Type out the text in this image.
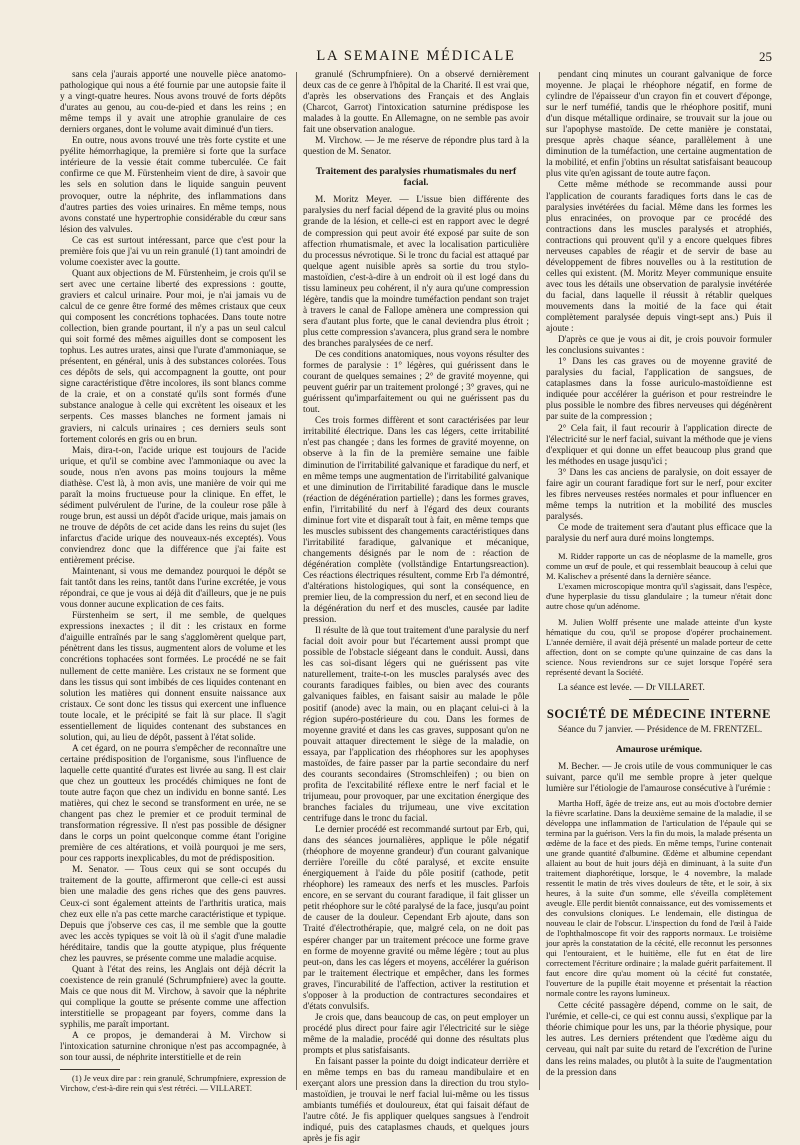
LA SEMAINE MÉDICALE	25

sans cela j'aurais apporté une nouvelle pièce anatomo-pathologique qui nous a été fournie par une autopsie faite il y a vingt-quatre heures. Nous avons trouvé de forts dépôts d'urates au genou, au cou-de-pied et dans les reins ; en même temps il y avait une atrophie granulaire de ces derniers organes, dont le volume avait diminué d'un tiers.

En outre, nous avons trouvé une très forte cystite et une pyélite hémorrhagique, la première si forte que la surface intérieure de la vessie était comme tuberculée. Ce fait confirme ce que M. Fürstenheim vient de dire, à savoir que les sels en solution dans le liquide sanguin peuvent provoquer, outre la néphrite, des inflammations dans d'autres parties des voies urinaires. En même temps, nous avons constaté une hypertrophie considérable du cœur sans lésion des valvules.

Ce cas est surtout intéressant, parce que c'est pour la première fois que j'ai vu un rein granulé (1) tant amoindri de volume coexister avec la goutte.

Quant aux objections de M. Fürstenheim, je crois qu'il se sert avec une certaine liberté des expressions : goutte, graviers et calcul urinaire. Pour moi, je n'ai jamais vu de calcul de ce genre être formé des mêmes cristaux que ceux qui composent les concrétions tophacées. Dans toute notre collection, bien grande pourtant, il n'y a pas un seul calcul qui soit formé des mêmes aiguilles dont se composent les tophus. Les autres urates, ainsi que l'urate d'ammoniaque, se présentent, en général, unis à des substances colorées. Tous ces dépôts de sels, qui accompagnent la goutte, ont pour signe caractéristique d'être incolores, ils sont blancs comme de la craie, et on a constaté qu'ils sont formés d'une substance analogue à celle qui excrètent les oiseaux et les serpents. Ces masses blanches ne forment jamais ni graviers, ni calculs urinaires ; ces derniers seuls sont fortement colorés en gris ou en brun.

Mais, dira-t-on, l'acide urique est toujours de l'acide urique, et qu'il se combine avec l'ammoniaque ou avec la soude, nous n'en avons pas moins toujours la même diathèse. C'est là, à mon avis, une manière de voir qui me paraît la moins fructueuse pour la clinique. En effet, le sédiment pulvérulent de l'urine, de la couleur rose pâle à rouge brun, est aussi un dépôt d'acide urique, mais jamais on ne trouve de dépôts de cet acide dans les reins du sujet (les infarctus d'acide urique des nouveaux-nés exceptés). Vous conviendrez donc que la différence que j'ai faite est entièrement précise.

Maintenant, si vous me demandez pourquoi le dépôt se fait tantôt dans les reins, tantôt dans l'urine excrétée, je vous répondrai, ce que je vous ai déjà dit d'ailleurs, que je ne puis vous donner aucune explication de ces faits.

Fürstenheim se sert, il me semble, de quelques expressions inexactes ; il dit : les cristaux en forme d'aiguille entraînés par le sang s'agglomèrent quelque part, pénètrent dans les tissus, augmentent alors de volume et les concrétions tophacées sont formées. Le procédé ne se fait nullement de cette manière. Les cristaux ne se forment que dans les tissus qui sont imbibés de ces liquides contenant en solution les matières qui donnent ensuite naissance aux cristaux. Ce sont donc les tissus qui exercent une influence toute locale, et le précipité se fait là sur place. Il s'agit essentiellement de liquides contenant des substances en solution, qui, au lieu de dépôt, passent à l'état solide.

A cet égard, on ne pourra s'empêcher de reconnaître une certaine prédisposition de l'organisme, sous l'influence de laquelle cette quantité d'urates est livrée au sang. Il est clair que chez un goutteux les procédés chimiques ne font de toute autre façon que chez un individu en bonne santé. Les matières, qui chez le second se transforment en urée, ne se changent pas chez le premier et ce produit terminal de transformation régressive. Il n'est pas possible de désigner dans le corps un point quelconque comme étant l'origine première de ces altérations, et voilà pourquoi je me sers, pour ces rapports inexplicables, du mot de prédisposition.

M. Senator. — Tous ceux qui se sont occupés du traitement de la goutte, affirmeront que celle-ci est aussi bien une maladie des gens riches que des gens pauvres. Ceux-ci sont également atteints de l'arthritis uratica, mais chez eux elle n'a pas cette marche caractéristique et typique. Depuis que j'observe ces cas, il me semble que la goutte avec les accès typiques se voit là où il s'agit d'une maladie héréditaire, tandis que la goutte atypique, plus fréquente chez les pauvres, se présente comme une maladie acquise.

Quant à l'état des reins, les Anglais ont déjà décrit la coexistence de rein granulé (Schrumpfniere) avec la goutte. Mais ce que nous dit M. Virchow, à savoir que la néphrite qui complique la goutte se présente comme une affection interstitielle se propageant par foyers, comme dans la syphilis, me paraît important.

A ce propos, je demanderai à M. Virchow si l'intoxication saturnine chronique n'est pas accompagnée, à son tour aussi, de néphrite interstitielle et de rein

(1) Je veux dire par : rein granulé, Schrumpfniere, expression de Virchow, c'est-à-dire rein qui s'est rétréci. — VILLARET.

granulé (Schrumpfniere). On a observé dernièrement deux cas de ce genre à l'hôpital de la Charité. Il est vrai que, d'après les observations des Français et des Anglais (Charcot, Garrot) l'intoxication saturnine prédispose les malades à la goutte. En Allemagne, on ne semble pas avoir fait une observation analogue.

M. Virchow. — Je me réserve de répondre plus tard à la question de M. Senator.

Traitement des paralysies rhumatismales du nerf facial.

M. Moritz Meyer. — L'issue bien différente des paralysies du nerf facial dépend de la gravité plus ou moins grande de la lésion, et celle-ci est en rapport avec le degré de compression qui peut avoir été exposé par suite de son affection rhumatismale, et avec la localisation particulière du processus névrotique. Si le tronc du facial est attaqué par quelque agent nuisible après sa sortie du trou stylo-mastoïdien, c'est-à-dire à un endroit où il est logé dans du tissu lamineux peu cohérent, il n'y aura qu'une compression légère, tandis que la moindre tuméfaction pendant son trajet à travers le canal de Fallope amènera une compression qui sera d'autant plus forte, que le canal deviendra plus étroit ; plus cette compression s'avancera, plus grand sera le nombre des branches paralysées de ce nerf.

De ces conditions anatomiques, nous voyons résulter des formes de paralysie : 1° légères, qui guérissent dans le courant de quelques semaines ; 2° de gravité moyenne, qui peuvent guérir par un traitement prolongé ; 3° graves, qui ne guérissent qu'imparfaitement ou qui ne guérissent pas du tout.

Ces trois formes diffèrent et sont caractérisées par leur irritabilité électrique. Dans les cas légers, cette irritabilité n'est pas changée ; dans les formes de gravité moyenne, on observe à la fin de la première semaine une faible diminution de l'irritabilité galvanique et faradique du nerf, et en même temps une augmentation de l'irritabilité galvanique et une diminution de l'irritabilité faradique dans le muscle (réaction de dégénération partielle) ; dans les formes graves, enfin, l'irritabilité du nerf à l'égard des deux courants diminue fort vite et disparaît tout à fait, en même temps que les muscles subissent des changements caractéristiques dans l'irritabilité faradique, galvanique et mécanique, changements désignés par le nom de : réaction de dégénération complète (vollständige Entartungsreaction). Ces réactions électriques résultent, comme Erb l'a démontré, d'altérations histologiques, qui sont la conséquence, en premier lieu, de la compression du nerf, et en second lieu de la dégénération du nerf et des muscles, causée par ladite pression.

Il résulte de là que tout traitement d'une paralysie du nerf facial doit avoir pour but l'écartement aussi prompt que possible de l'obstacle siégeant dans le conduit. Aussi, dans les cas soi-disant légers qui ne guérissent pas vite naturellement, traite-t-on les muscles paralysés avec des courants faradiques faibles, ou bien avec des courants galvaniques faibles, en faisant saisir au malade le pôle positif (anode) avec la main, ou en plaçant celui-ci à la région supéro-postérieure du cou. Dans les formes de moyenne gravité et dans les cas graves, supposant qu'on ne pouvait attaquer directement le siège de la maladie, on essaya, par l'application des rhéophores sur les apophyses mastoïdes, de faire passer par la partie secondaire du nerf des courants secondaires (Stromschleifen) ; ou bien on profita de l'excitabilité réflexe entre le nerf facial et le trijumeau, pour provoquer, par une excitation énergique des branches faciales du trijumeau, une vive excitation centrifuge dans le tronc du facial.

Le dernier procédé est recommandé surtout par Erb, qui, dans des séances journalières, applique le pôle négatif (rhéophore de moyenne grandeur) d'un courant galvanique derrière l'oreille du côté paralysé, et excite ensuite énergiquement à l'aide du pôle positif (cathode, petit rhéophore) les rameaux des nerfs et les muscles. Parfois encore, en se servant du courant faradique, il fait glisser un petit rhéophore sur le côté paralysé de la face, jusqu'au point de causer de la douleur. Cependant Erb ajoute, dans son Traité d'électrothérapie, que, malgré cela, on ne doit pas espérer changer par un traitement précoce une forme grave en forme de moyenne gravité ou même légère ; tout au plus peut-on, dans les cas légers et moyens, accélérer la guérison par le traitement électrique et empêcher, dans les formes graves, l'incurabilité de l'affection, activer la restitution et s'opposer à la production de contractures secondaires et d'états convulsifs.

Je crois que, dans beaucoup de cas, on peut employer un procédé plus direct pour faire agir l'électricité sur le siège même de la maladie, procédé qui donne des résultats plus prompts et plus satisfaisants.

En faisant passer la pointe du doigt indicateur derrière et en même temps en bas du rameau mandibulaire et en exerçant alors une pression dans la direction du trou stylo-mastoïdien, je trouvai le nerf facial lui-même ou les tissus ambiants tuméfiés et douloureux, état qui faisait défaut de l'autre côté. Je fis appliquer quelques sangsues à l'endroit indiqué, puis des cataplasmes chauds, et quelques jours après je fis agir

pendant cinq minutes un courant galvanique de force moyenne. Je plaçai le rhéophore négatif, en forme de cylindre de l'épaisseur d'un crayon fin et couvert d'éponge, sur le nerf tuméfié, tandis que le rhéophore positif, muni d'un disque métallique ordinaire, se trouvait sur la joue ou sur l'apophyse mastoïde. De cette manière je constatai, presque après chaque séance, parallèlement à une diminution de la tuméfaction, une certaine augmentation de la mobilité, et enfin j'obtins un résultat satisfaisant beaucoup plus vite qu'en agissant de toute autre façon.

Cette même méthode se recommande aussi pour l'application de courants faradiques forts dans le cas de paralysies invétérées du facial. Même dans les formes les plus enracinées, on provoque par ce procédé des contractions dans les muscles paralysés et atrophiés, contractions qui prouvent qu'il y a encore quelques fibres nerveuses capables de réagir et de servir de base au développement de fibres nouvelles ou à la restitution de celles qui existent. (M. Moritz Meyer communique ensuite avec tous les détails une observation de paralysie invétérée du facial, dans laquelle il réussit à rétablir quelques mouvements dans la moitié de la face qui était complètement paralysée depuis vingt-sept ans.) Puis il ajoute :

D'après ce que je vous ai dit, je crois pouvoir formuler les conclusions suivantes :

1° Dans les cas graves ou de moyenne gravité de paralysies du facial, l'application de sangsues, de cataplasmes dans la fosse auriculo-mastoïdienne est indiquée pour accélérer la guérison et pour restreindre le plus possible le nombre des fibres nerveuses qui dégénèrent par suite de la compression ;

2° Cela fait, il faut recourir à l'application directe de l'électricité sur le nerf facial, suivant la méthode que je viens d'expliquer et qui donne un effet beaucoup plus grand que les méthodes en usage jusqu'ici ;

3° Dans les cas anciens de paralysie, on doit essayer de faire agir un courant faradique fort sur le nerf, pour exciter les fibres nerveuses restées normales et pour influencer en même temps la nutrition et la mobilité des muscles paralysés.

Ce mode de traitement sera d'autant plus efficace que la paralysie du nerf aura duré moins longtemps.

M. Ridder rapporte un cas de néoplasme de la mamelle, gros comme un œuf de poule, et qui ressemblait beaucoup à celui que M. Kalischev a présenté dans la dernière séance.

L'examen microscopique montra qu'il s'agissait, dans l'espèce, d'une hyperplasie du tissu glandulaire ; la tumeur n'était donc autre chose qu'un adénome.

M. Julien Wolff présente une malade atteinte d'un kyste hématique du cou, qu'il se propose d'opérer prochainement. L'année dernière, il avait déjà présenté un malade porteur de cette affection, dont on se compte qu'une quinzaine de cas dans la science. Nous reviendrons sur ce sujet lorsque l'opéré sera représenté devant la Société.

La séance est levée. — Dr VILLARET.

SOCIÉTÉ DE MÉDECINE INTERNE

Séance du 7 janvier. — Présidence de M. FRENTZEL.

Amaurose urémique.

M. Becher. — Je crois utile de vous communiquer le cas suivant, parce qu'il me semble propre à jeter quelque lumière sur l'étiologie de l'amaurose consécutive à l'urémie :

Martha Hoff, âgée de treize ans, eut au mois d'octobre dernier la fièvre scarlatine. Dans la deuxième semaine de la maladie, il se développa une inflammation de l'articulation de l'épaule qui se termina par la guérison. Vers la fin du mois, la malade présenta un œdème de la face et des pieds. En même temps, l'urine contenait une grande quantité d'albumine. Œdème et albumine cependant allaient au bout de huit jours déjà en diminuant, à la suite d'un traitement diaphorétique, lorsque, le 4 novembre, la malade ressentit le matin de très vives douleurs de tête, et le soir, à six heures, à la suite d'un somme, elle s'éveilla complètement aveugle. Elle perdit bientôt connaissance, eut des vomissements et des convulsions cloniques. Le lendemain, elle distingua de nouveau le clair de l'obscur. L'inspection du fond de l'œil à l'aide de l'ophthalmoscope fit voir des rapports normaux. Le troisième jour après la constatation de la cécité, elle reconnut les personnes qui l'entouraient, et le huitième, elle fut en état de lire correctement l'écriture ordinaire ; la malade guérit parfaitement. Il faut encore dire qu'au moment où la cécité fut constatée, l'ouverture de la pupille était moyenne et présentait la réaction normale contre les rayons lumineux.

Cette cécité passagère dépend, comme on le sait, de l'urémie, et celle-ci, ce qui est connu aussi, s'explique par la théorie chimique pour les uns, par la théorie physique, pour les autres. Les derniers prétendent que l'œdème aigu du cerveau, qui naît par suite du retard de l'excrétion de l'urine dans les reins malades, ou plutôt à la suite de l'augmentation de la pression dans
